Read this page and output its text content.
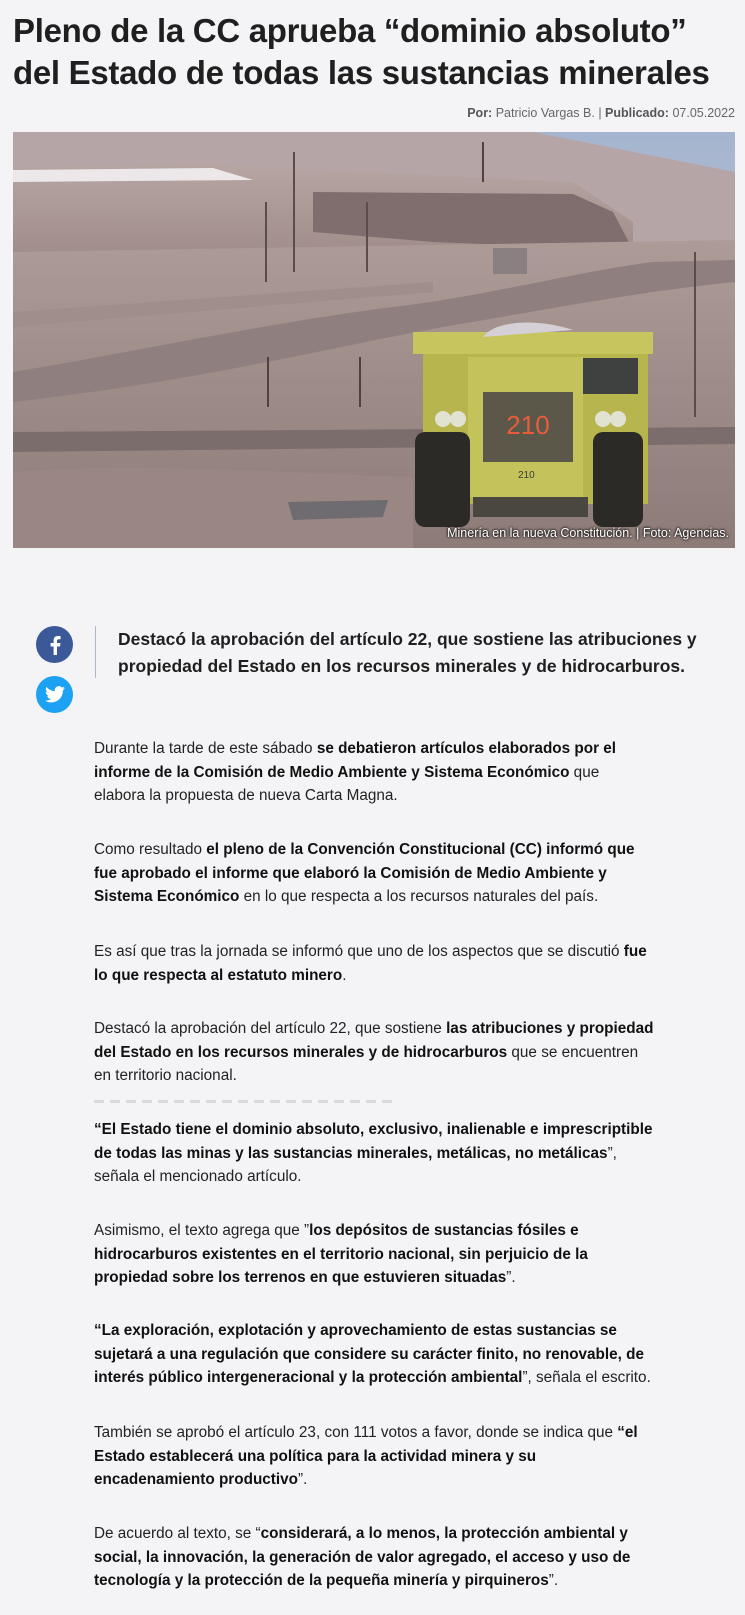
Pleno de la CC aprueba “dominio absoluto” del Estado de todas las sustancias minerales
Por: Patricio Vargas B. | Publicado: 07.05.2022
210
210
Minería en la nueva Constitución. | Foto: Agencias.
Destacó la aprobación del artículo 22, que sostiene las atribuciones y propiedad del Estado en los recursos minerales y de hidrocarburos.

Durante la tarde de este sábado se debatieron artículos elaborados por el informe de la Comisión de Medio Ambiente y Sistema Económico que elabora la propuesta de nueva Carta Magna.

Como resultado el pleno de la Convención Constitucional (CC) informó que fue aprobado el informe que elaboró la Comisión de Medio Ambiente y Sistema Económico en lo que respecta a los recursos naturales del país.

Es así que tras la jornada se informó que uno de los aspectos que se discutió fue lo que respecta al estatuto minero.

Destacó la aprobación del artículo 22, que sostiene las atribuciones y propiedad del Estado en los recursos minerales y de hidrocarburos que se encuentren en territorio nacional.

“El Estado tiene el dominio absoluto, exclusivo, inalienable e imprescriptible de todas las minas y las sustancias minerales, metálicas, no metálicas”, señala el mencionado artículo.

Asimismo, el texto agrega que ”los depósitos de sustancias fósiles e hidrocarburos existentes en el territorio nacional, sin perjuicio de la propiedad sobre los terrenos en que estuvieren situadas”.

“La exploración, explotación y aprovechamiento de estas sustancias se sujetará a una regulación que considere su carácter finito, no renovable, de interés público intergeneracional y la protección ambiental”, señala el escrito.

También se aprobó el artículo 23, con 111 votos a favor, donde se indica que “el Estado establecerá una política para la actividad minera y su encadenamiento productivo”.

De acuerdo al texto, se “considerará, a lo menos, la protección ambiental y social, la innovación, la generación de valor agregado, el acceso y uso de tecnología y la protección de la pequeña minería y pirquineros”.
